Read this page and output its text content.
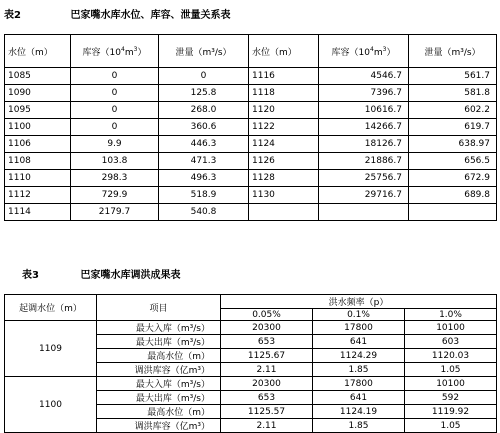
表2	巴家嘴水库水位、库容、泄量关系表
水位（m）	库容$(10^4m^3)$	泄量（m³/s）	水位（m）	库容$(10^4m^3)$	泄量（m³/s）
1085	0	0	1116	4546.7	561.7
1090	0	125.8	1118	7396.7	581.8
1095	0	268.0	1120	10616.7	602.2
1100	0	360.6	1122	14266.7	619.7
1106	9.9	446.3	1124	18126.7	638.97
1108	103.8	471.3	1126	21886.7	656.5
1110	298.3	496.3	1128	25756.7	672.9
1112	729.9	518.9	1130	29716.7	689.8
1114	2179.7	540.8			
表3	巴家嘴水库调洪成果表
起调水位（m）	项目	洪水频率（p）		
		0.05%	0.1%	1.0%
1109	最大入库（m³/s）	20300	17800	10100
	最大出库（m³/s）	653	641	603
	最高水位（m）	1125.67	1124.29	1120.03
	调洪库容（亿m³）	2.11	1.85	1.05
1100	最大入库（m³/s）	20300	17800	10100
	最大出库（m³/s）	653	641	592
	最高水位（m）	1125.57	1124.19	1119.92
	调洪库容（亿m³）	2.11	1.85	1.05
